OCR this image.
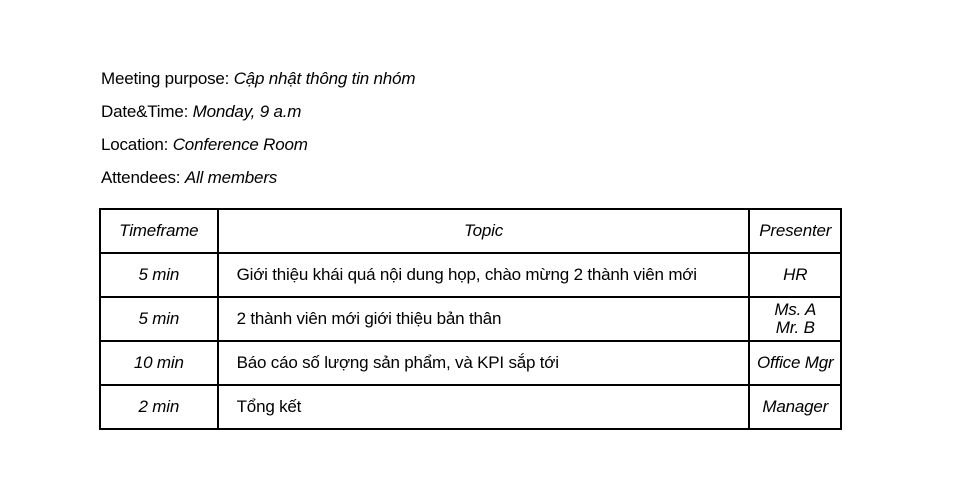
Meeting purpose: Cập nhật thông tin nhóm
Date&Time: Monday, 9 a.m
Location: Conference Room
Attendees: All members
Timeframe	Topic	Presenter
5 min	Giới thiệu khái quá nội dung họp, chào mừng 2 thành viên mới	HR

5 min	2 thành viên mới giới thiệu bản thân	Ms. A
Mr. B

10 min	Báo cáo số lượng sản phẩm, và KPI sắp tới	Office Mgr

2 min	Tổng kết	Manager
